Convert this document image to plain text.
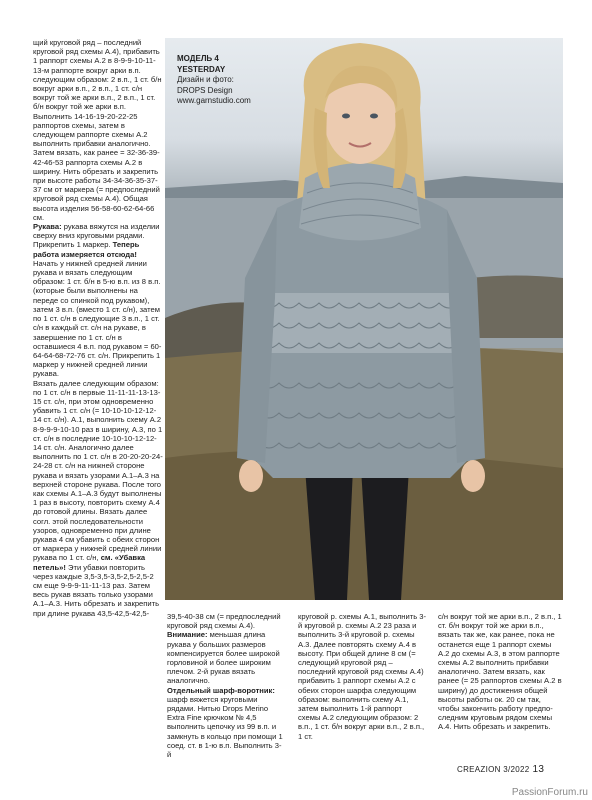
щий круговой ряд – последний круговой ряд схемы А.4), прибавить 1 раппорт схемы А.2 в 8-9-9-10-11-13-м раппорте вокруг арки в.п. следующим образом: 2 в.п., 1 ст. б/н вокруг арки в.п., 2 в.п., 1 ст. с/н вокруг той же арки в.п., 2 в.п., 1 ст. б/н вокруг той же арки в.п. Выполнить 14-16-19-20-22-25 раппортов схемы, затем в следующем раппорте схемы А.2 выполнить прибавки аналогично. Затем вязать, как ранее = 32-36-39-42-46-53 раппорта схемы А.2 в ширину. Нить обрезать и закрепить при высоте работы 34-34-36-35-37-37 см от маркера (= предпоследний круговой ряд схемы А.4). Общая высота изделия 56-58-60-62-64-66 см.
Рукава: рукава вяжутся на изделии сверху вниз круговыми рядами. Прикрепить 1 маркер. Теперь работа измеряется отсюда! Начать у нижней средней линии рукава и вязать следующим образом: 1 ст. б/н в 5-ю в.п. из 8 в.п. (которые были выполнены на переде со спинкой под рукавом), затем 3 в.п. (вместо 1 ст. с/н), затем по 1 ст. с/н в следующие 3 в.п., 1 ст. с/н в каждый ст. с/н на рукаве, в завершение по 1 ст. с/н в оставшиеся 4 в.п. под рукавом = 60-64-64-68-72-76 ст. с/н. Прикрепить 1 маркер у нижней средней линии рукава.
Вязать далее следующим образом: по 1 ст. с/н в первые 11-11-11-13-13-15 ст. с/н, при этом одновременно убавить 1 ст. с/н (= 10-10-10-12-12-14 ст. с/н). А.1, выполнить схему А.2 8-9-9-9-10-10 раз в ширину, А.3, по 1 ст. с/н в последние 10-10-10-12-12-14 ст. с/н. Аналогично далее выполнить по 1 ст. с/н в 20-20-20-24-24-28 ст. с/н на нижней стороне рукава и вязать узорами А.1–А.3 на верхней стороне рукава. После того как схемы А.1–А.3 будут выполнены 1 раз в высоту, повторить схему А.4 до готовой длины. Вязать далее согл. этой последовательности узоров, одновременно при длине рукава 4 см убавить с обеих сторон от маркера у нижней средней линии рукава по 1 ст. с/н, см. «Убавка петель»! Эти убавки повторить через каждые 3,5-3,5-3,5-2,5-2,5-2 см еще 9-9-9-11-11-13 раз. Затем весь рукав вязать только узорами А.1–А.3. Нить обрезать и закрепить при длине рукава 43,5-42,5-42,5-

МОДЕЛЬ 4
YESTERDAY
Дизайн и фото:
DROPS Design
www.garnstudio.com

39,5-40-38 см (= предпоследний круговой ряд схемы А.4).
Внимание: меньшая длина рукава у больших размеров компенсируется более широкой горловиной и более широким плечом. 2-й рукав вязать аналогично.
Отдельный шарф-воротник: шарф вяжется круговыми рядами. Нитью Drops Merino Extra Fine крючком № 4,5 выполнить цепочку из 99 в.п. и замкнуть в кольцо при помощи 1 соед. ст. в 1-ю в.п. Выполнить 3-й

круговой р. схемы А.1, выполнить 3-й круговой р. схемы А.2 23 раза и выполнить 3-й круговой р. схемы А.3. Далее повторять схему А.4 в высоту. При общей длине 8 см (= следующий круговой ряд – последний круговой ряд схемы А.4) прибавить 1 раппорт схемы А.2 с обеих сторон шарфа следующим образом: выполнить схему А.1, затем выполнить 1-й раппорт схемы А.2 следующим образом: 2 в.п., 1 ст. б/н вокруг арки в.п., 2 в.п., 1 ст.

с/н вокруг той же арки в.п., 2 в.п., 1 ст. б/н вокруг той же арки в.п., вязать так же, как ранее, пока не останется еще 1 раппорт схемы А.2 до схемы А.3, в этом раппорте схемы А.2 выполнить прибавки аналогично. Затем вязать, как ранее (= 25 раппортов схемы А.2 в ширину) до достижения общей высоты работы ок. 20 см так, чтобы закончить работу предпоследним круговым рядом схемы А.4. Нить обрезать и закрепить.

CREAZION 3/2022 13
PassionForum.ru
